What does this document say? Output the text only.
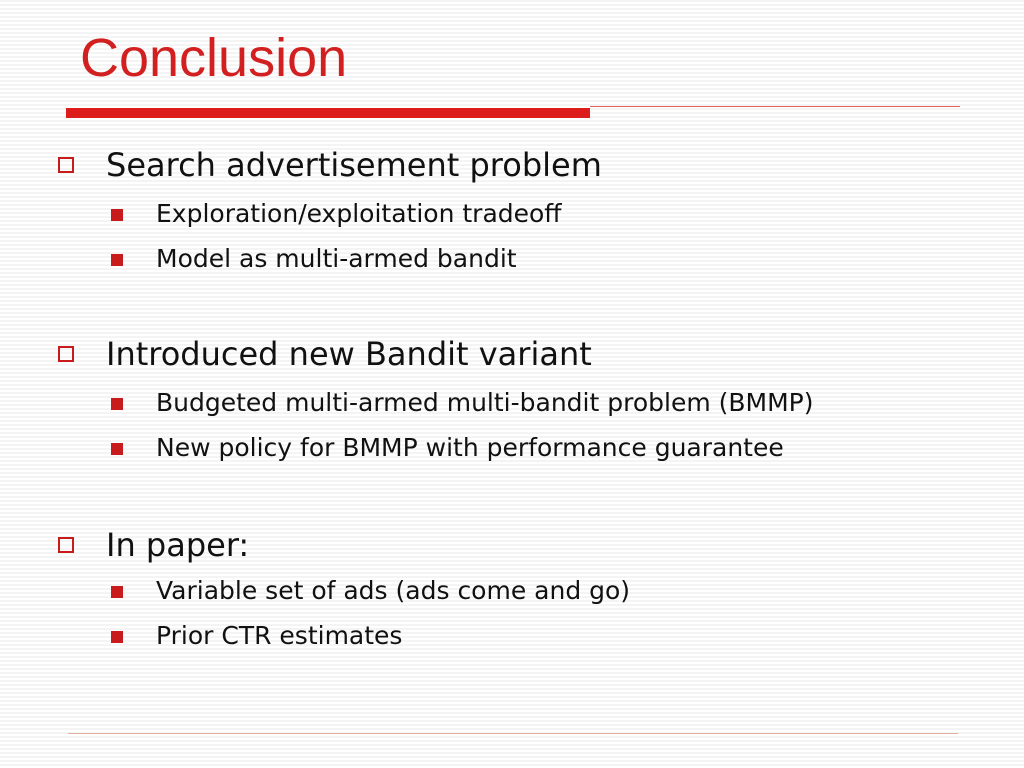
Conclusion
Search advertisement problem
Exploration/exploitation tradeoff
Model as multi-armed bandit
Introduced new Bandit variant
Budgeted multi-armed multi-bandit problem (BMMP)
New policy for BMMP with performance guarantee
In paper:
Variable set of ads (ads come and go)
Prior CTR estimates
